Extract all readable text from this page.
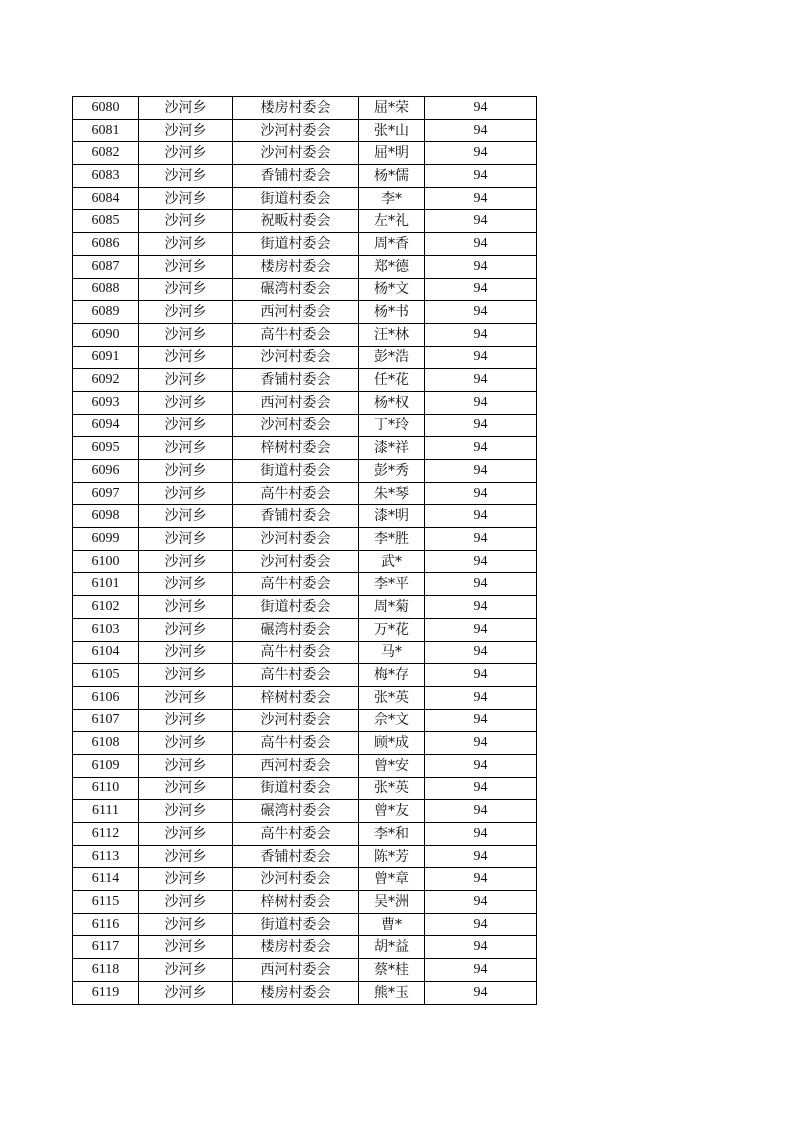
6080	沙河乡	楼房村委会	屈*荣	94
6081	沙河乡	沙河村委会	张*山	94
6082	沙河乡	沙河村委会	屈*明	94
6083	沙河乡	香铺村委会	杨*儒	94
6084	沙河乡	街道村委会	李*	94
6085	沙河乡	祝畈村委会	左*礼	94
6086	沙河乡	街道村委会	周*香	94
6087	沙河乡	楼房村委会	郑*德	94
6088	沙河乡	碾湾村委会	杨*文	94
6089	沙河乡	西河村委会	杨*书	94
6090	沙河乡	高牛村委会	汪*林	94
6091	沙河乡	沙河村委会	彭*浩	94
6092	沙河乡	香铺村委会	任*花	94
6093	沙河乡	西河村委会	杨*权	94
6094	沙河乡	沙河村委会	丁*玲	94
6095	沙河乡	梓树村委会	漆*祥	94
6096	沙河乡	街道村委会	彭*秀	94
6097	沙河乡	高牛村委会	朱*琴	94
6098	沙河乡	香铺村委会	漆*明	94
6099	沙河乡	沙河村委会	李*胜	94
6100	沙河乡	沙河村委会	武*	94
6101	沙河乡	高牛村委会	李*平	94
6102	沙河乡	街道村委会	周*菊	94
6103	沙河乡	碾湾村委会	万*花	94
6104	沙河乡	高牛村委会	马*	94
6105	沙河乡	高牛村委会	梅*存	94
6106	沙河乡	梓树村委会	张*英	94
6107	沙河乡	沙河村委会	佘*文	94
6108	沙河乡	高牛村委会	顾*成	94
6109	沙河乡	西河村委会	曾*安	94
6110	沙河乡	街道村委会	张*英	94
6111	沙河乡	碾湾村委会	曾*友	94
6112	沙河乡	高牛村委会	李*和	94
6113	沙河乡	香铺村委会	陈*芳	94
6114	沙河乡	沙河村委会	曾*章	94
6115	沙河乡	梓树村委会	吴*洲	94
6116	沙河乡	街道村委会	曹*	94
6117	沙河乡	楼房村委会	胡*益	94
6118	沙河乡	西河村委会	蔡*桂	94
6119	沙河乡	楼房村委会	熊*玉	94
